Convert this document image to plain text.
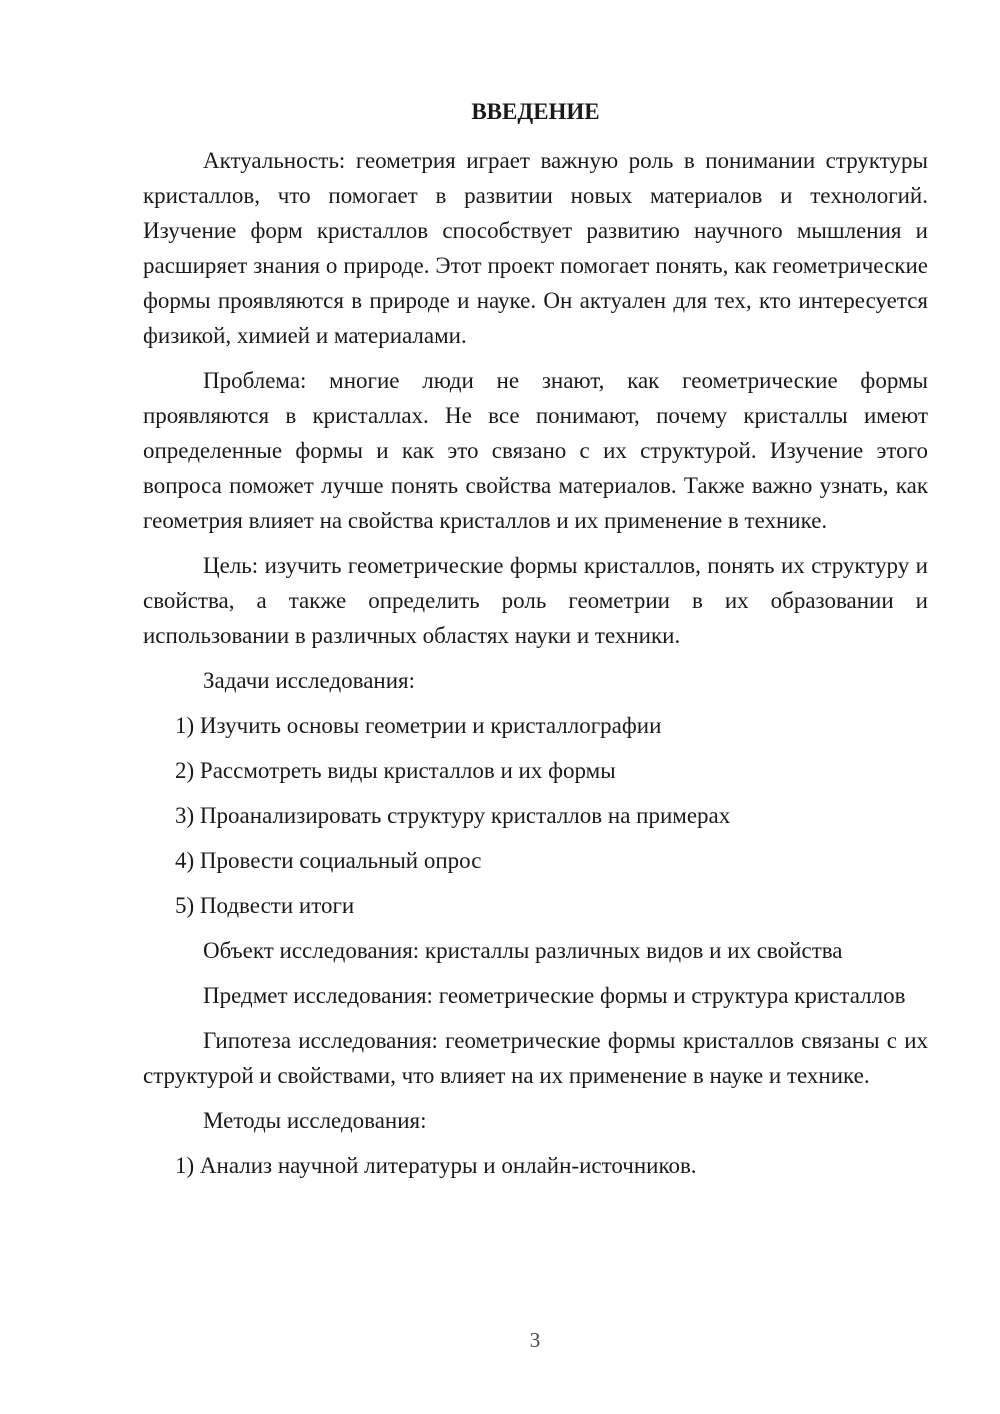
ВВЕДЕНИЕ

Актуальность: геометрия играет важную роль в понимании структуры кристаллов, что помогает в развитии новых материалов и технологий. Изучение форм кристаллов способствует развитию научного мышления и расширяет знания о природе. Этот проект помогает понять, как геометрические формы проявляются в природе и науке. Он актуален для тех, кто интересуется физикой, химией и материалами.

Проблема: многие люди не знают, как геометрические формы проявляются в кристаллах. Не все понимают, почему кристаллы имеют определенные формы и как это связано с их структурой. Изучение этого вопроса поможет лучше понять свойства материалов. Также важно узнать, как геометрия влияет на свойства кристаллов и их применение в технике.

Цель: изучить геометрические формы кристаллов, понять их структуру и свойства, а также определить роль геометрии в их образовании и использовании в различных областях науки и техники.

Задачи исследования:
1) Изучить основы геометрии и кристаллографии
2) Рассмотреть виды кристаллов и их формы
3) Проанализировать структуру кристаллов на примерах
4) Провести социальный опрос
5) Подвести итоги
Объект исследования: кристаллы различных видов и их свойства

Предмет исследования: геометрические формы и структура кристаллов

Гипотеза исследования: геометрические формы кристаллов связаны с их структурой и свойствами, что влияет на их применение в науке и технике.

Методы исследования:
1) Анализ научной литературы и онлайн-источников.
3
